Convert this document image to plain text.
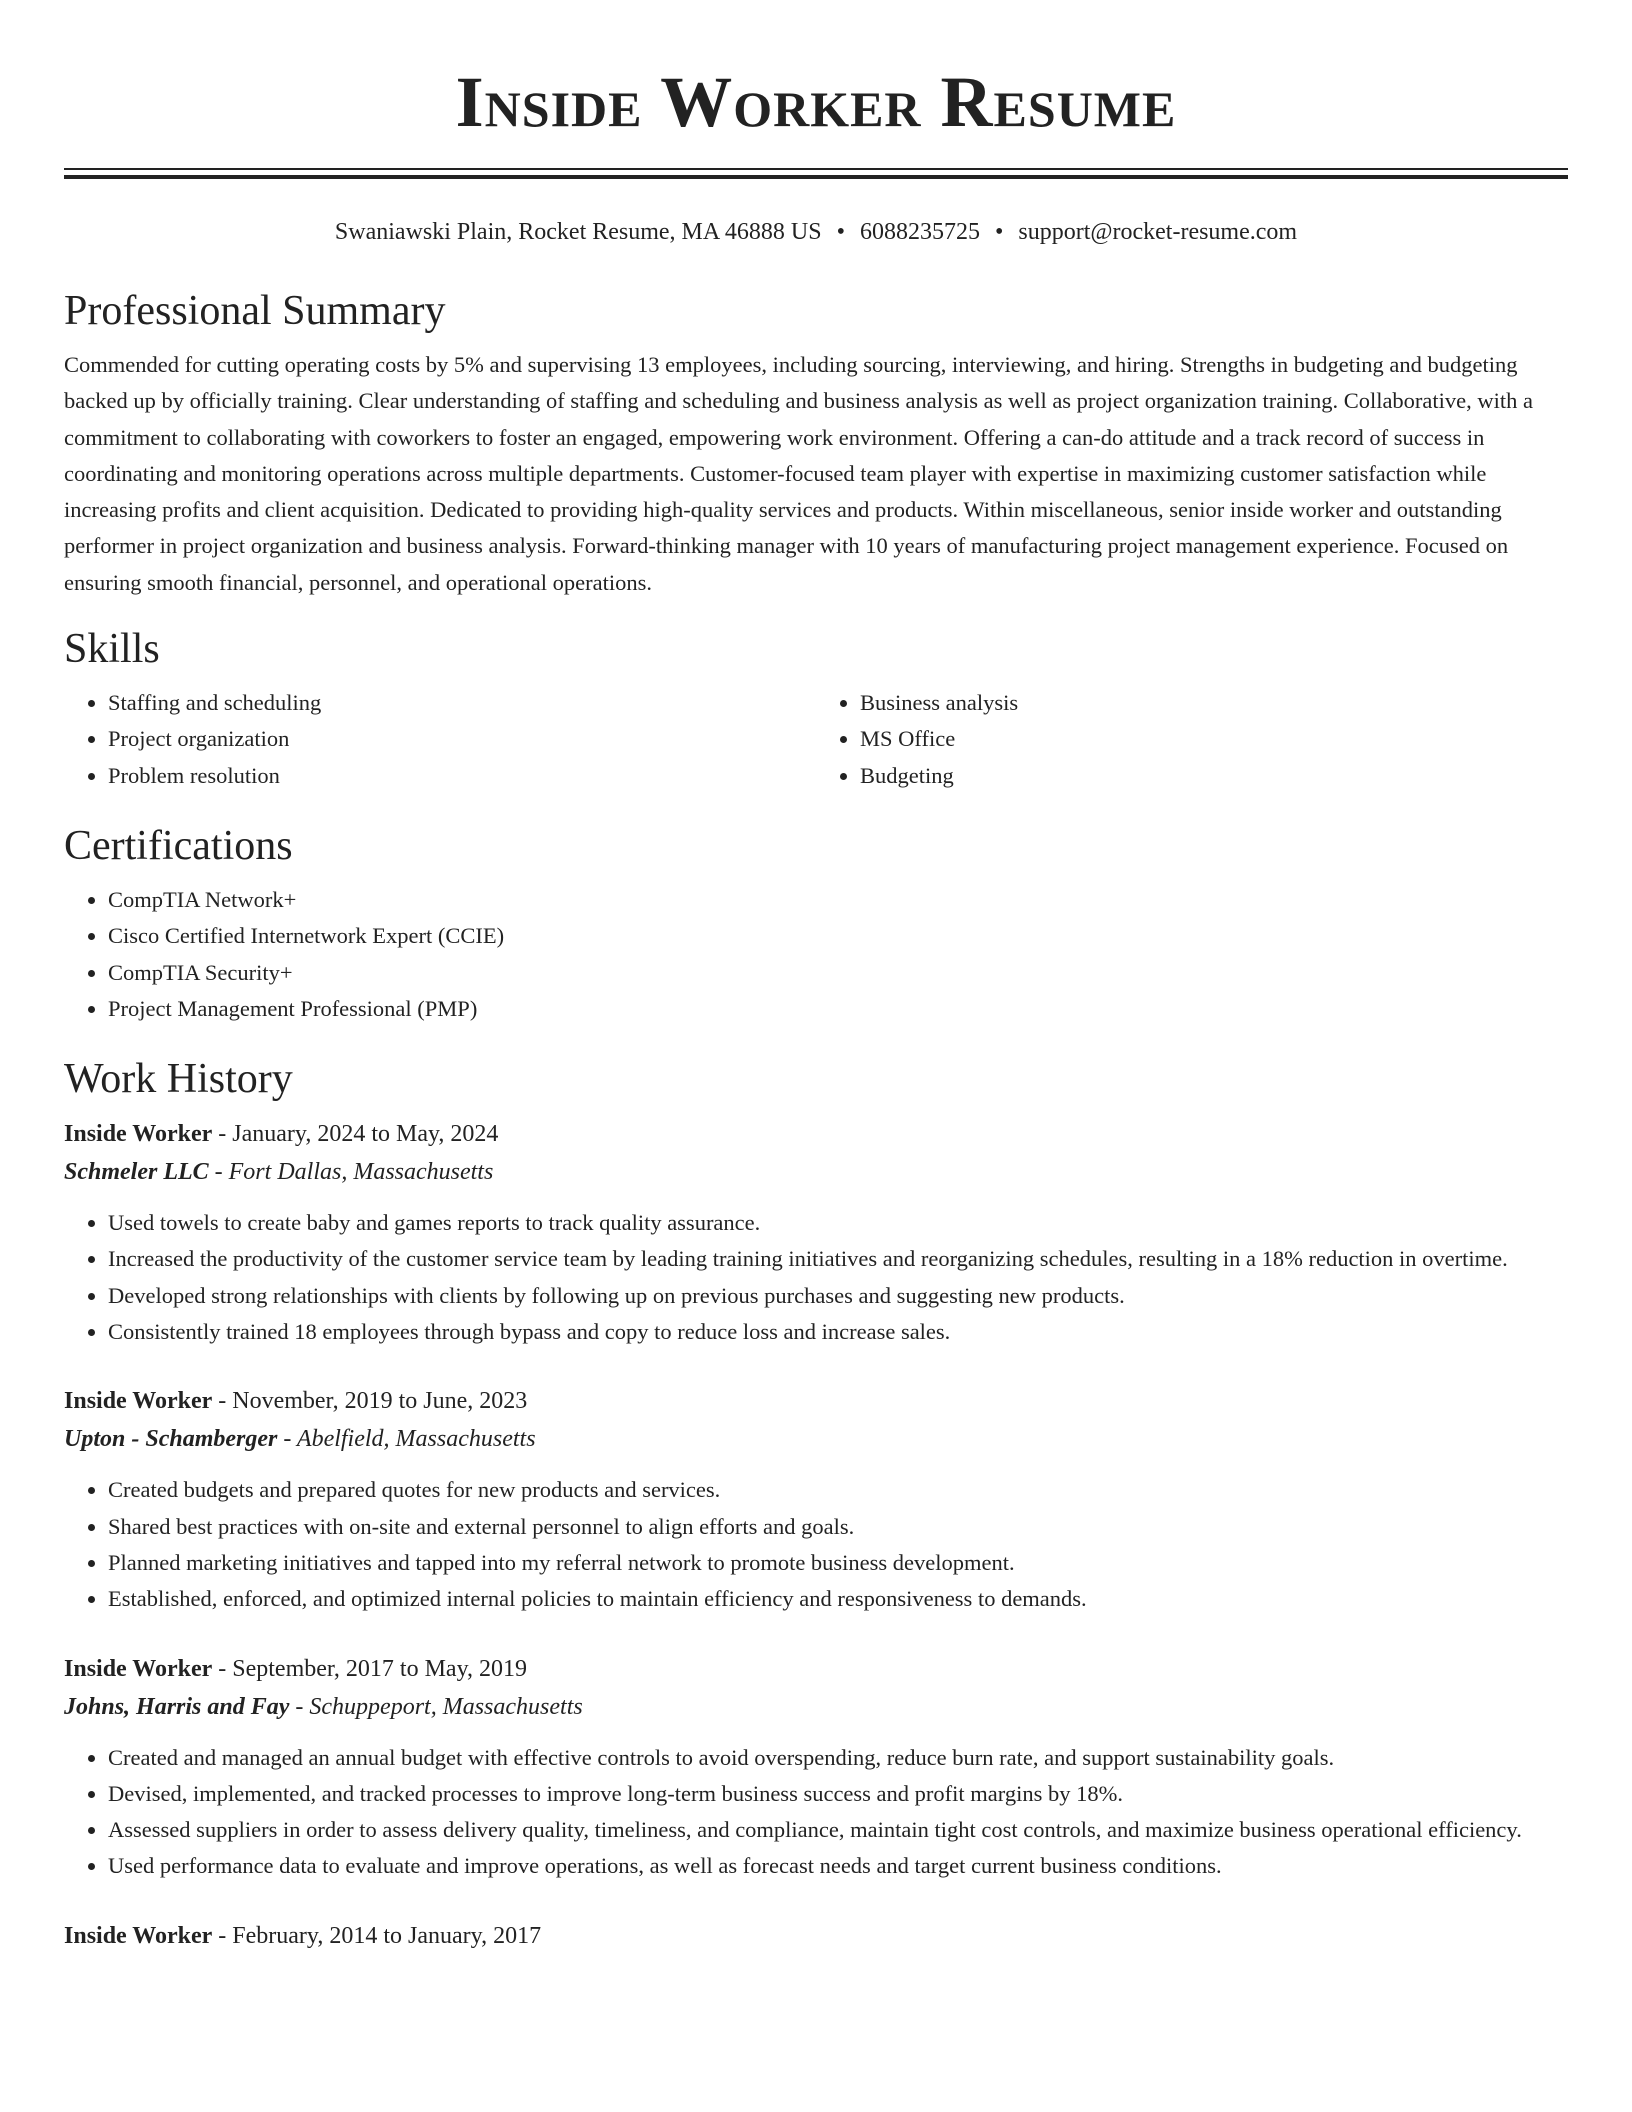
Inside Worker Resume
Swaniawski Plain, Rocket Resume, MA 46888 US • 6088235725 • support@rocket-resume.com
Professional Summary

Commended for cutting operating costs by 5% and supervising 13 employees, including sourcing, interviewing, and hiring. Strengths in budgeting and budgeting backed up by officially training. Clear understanding of staffing and scheduling and business analysis as well as project organization training. Collaborative, with a commitment to collaborating with coworkers to foster an engaged, empowering work environment. Offering a can-do attitude and a track record of success in coordinating and monitoring operations across multiple departments. Customer-focused team player with expertise in maximizing customer satisfaction while increasing profits and client acquisition. Dedicated to providing high-quality services and products. Within miscellaneous, senior inside worker and outstanding performer in project organization and business analysis. Forward-thinking manager with 10 years of manufacturing project management experience. Focused on ensuring smooth financial, personnel, and operational operations.

Skills
• Staffing and scheduling
• Project organization
• Problem resolution
• Business analysis
• MS Office
• Budgeting
Certifications
• CompTIA Network+
• Cisco Certified Internetwork Expert (CCIE)
• CompTIA Security+
• Project Management Professional (PMP)
Work History
Inside Worker - January, 2024 to May, 2024
Schmeler LLC - Fort Dallas, Massachusetts
• Used towels to create baby and games reports to track quality assurance.
• Increased the productivity of the customer service team by leading training initiatives and reorganizing schedules, resulting in a 18% reduction in overtime.
• Developed strong relationships with clients by following up on previous purchases and suggesting new products.
• Consistently trained 18 employees through bypass and copy to reduce loss and increase sales.
Inside Worker - November, 2019 to June, 2023
Upton - Schamberger - Abelfield, Massachusetts
• Created budgets and prepared quotes for new products and services.
• Shared best practices with on-site and external personnel to align efforts and goals.
• Planned marketing initiatives and tapped into my referral network to promote business development.
• Established, enforced, and optimized internal policies to maintain efficiency and responsiveness to demands.
Inside Worker - September, 2017 to May, 2019
Johns, Harris and Fay - Schuppeport, Massachusetts
• Created and managed an annual budget with effective controls to avoid overspending, reduce burn rate, and support sustainability goals.
• Devised, implemented, and tracked processes to improve long-term business success and profit margins by 18%.
• Assessed suppliers in order to assess delivery quality, timeliness, and compliance, maintain tight cost controls, and maximize business operational efficiency.
• Used performance data to evaluate and improve operations, as well as forecast needs and target current business conditions.
Inside Worker - February, 2014 to January, 2017
